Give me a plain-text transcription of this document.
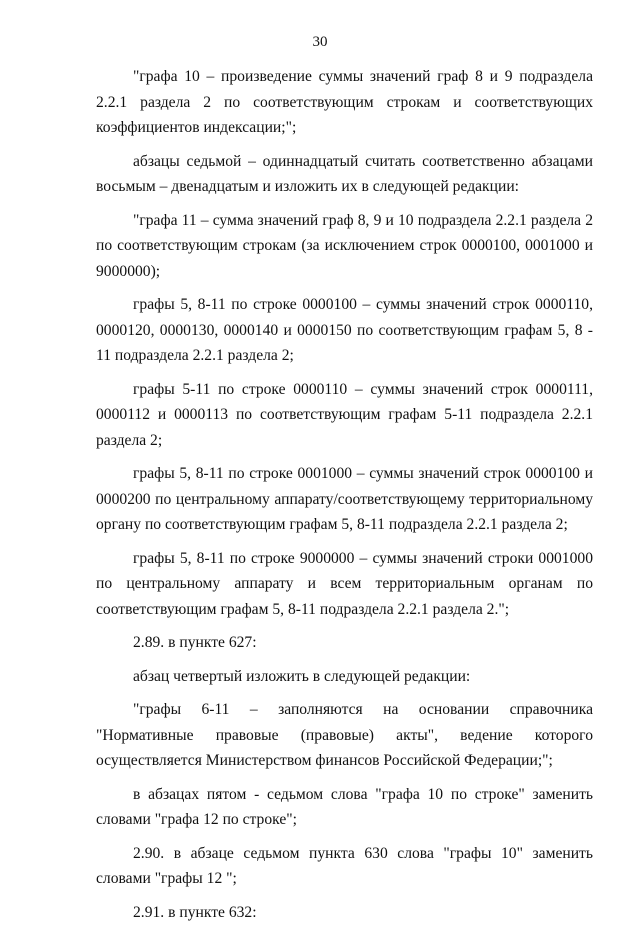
30

"графа 10 – произведение суммы значений граф 8 и 9 подраздела 2.2.1 раздела 2 по соответствующим строкам и соответствующих коэффициентов индексации;";

абзацы седьмой – одиннадцатый считать соответственно абзацами восьмым – двенадцатым и изложить их в следующей редакции:

"графа 11 – сумма значений граф 8, 9 и 10 подраздела 2.2.1 раздела 2 по соответствующим строкам (за исключением строк 0000100, 0001000 и 9000000);

графы 5, 8-11 по строке 0000100 – суммы значений строк 0000110, 0000120, 0000130, 0000140 и 0000150 по соответствующим графам 5, 8 - 11 подраздела 2.2.1 раздела 2;

графы 5-11 по строке 0000110 – суммы значений строк 0000111, 0000112 и 0000113 по соответствующим графам 5-11 подраздела 2.2.1 раздела 2;

графы 5, 8-11 по строке 0001000 – суммы значений строк 0000100 и 0000200 по центральному аппарату/соответствующему территориальному органу по соответствующим графам 5, 8-11 подраздела 2.2.1 раздела 2;

графы 5, 8-11 по строке 9000000 – суммы значений строки 0001000 по центральному аппарату и всем территориальным органам по соответствующим графам 5, 8-11 подраздела 2.2.1 раздела 2.";

2.89. в пункте 627:

абзац четвертый изложить в следующей редакции:

"графы 6-11 – заполняются на основании справочника "Нормативные правовые (правовые) акты", ведение которого осуществляется Министерством финансов Российской Федерации;";

в абзацах пятом - седьмом слова "графа 10 по строке" заменить словами "графа 12 по строке";

2.90. в абзаце седьмом пункта 630 слова "графы 10" заменить словами "графы 12 ";

2.91. в пункте 632:
